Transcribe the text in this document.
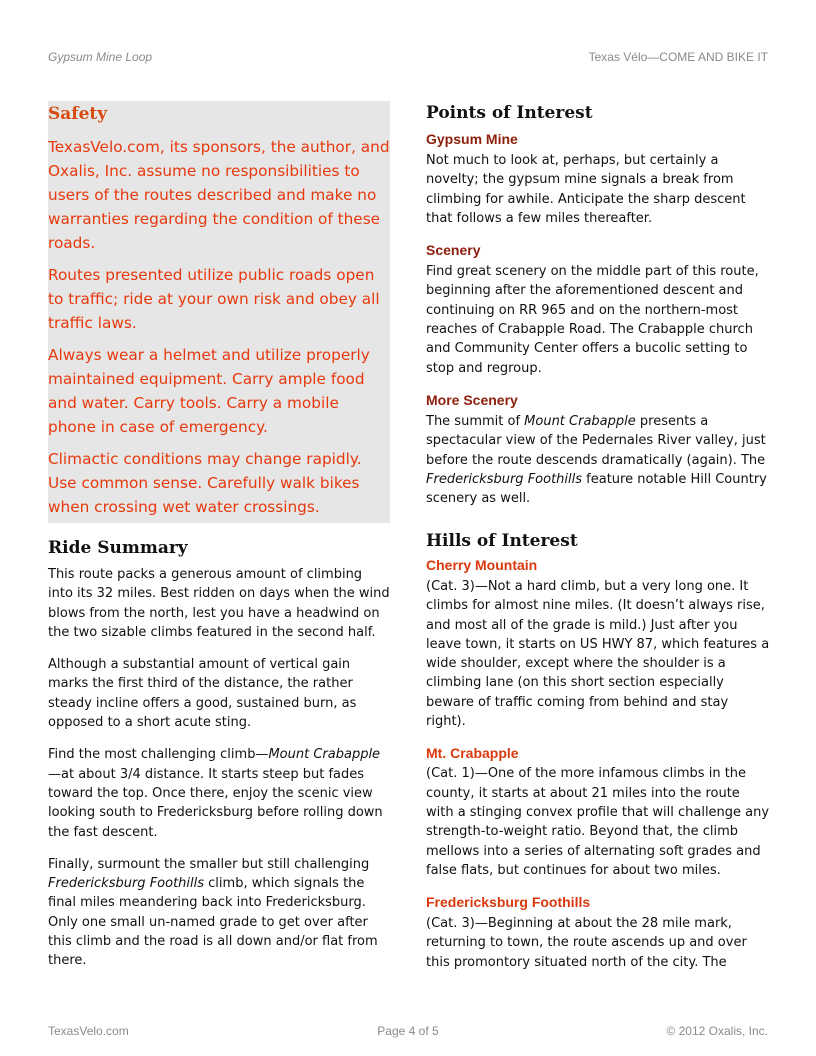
Gypsum Mine Loop	Texas Vélo—COME AND BIKE IT
Safety

TexasVelo.com, its sponsors, the author, and Oxalis, Inc. assume no responsibilities to users of the routes described and make no warranties regarding the condition of these roads.

Routes presented utilize public roads open to traffic; ride at your own risk and obey all traffic laws.

Always wear a helmet and utilize properly maintained equipment. Carry ample food and water. Carry tools. Carry a mobile phone in case of emergency.

Climactic conditions may change rapidly. Use common sense. Carefully walk bikes when crossing wet water crossings.

Ride Summary

This route packs a generous amount of climbing into its 32 miles. Best ridden on days when the wind blows from the north, lest you have a headwind on the two sizable climbs featured in the second half.

Although a substantial amount of vertical gain marks the first third of the distance, the rather steady incline offers a good, sustained burn, as opposed to a short acute sting.

Find the most challenging climb—Mount Crabapple—at about 3/4 distance. It starts steep but fades toward the top. Once there, enjoy the scenic view looking south to Fredericksburg before rolling down the fast descent.

Finally, surmount the smaller but still challenging Fredericksburg Foothills climb, which signals the final miles meandering back into Fredericksburg. Only one small un-named grade to get over after this climb and the road is all down and/or flat from there.

Points of Interest
Gypsum Mine

Not much to look at, perhaps, but certainly a novelty; the gypsum mine signals a break from climbing for awhile. Anticipate the sharp descent that follows a few miles thereafter.

Scenery

Find great scenery on the middle part of this route, beginning after the aforementioned descent and continuing on RR 965 and on the northern-most reaches of Crabapple Road. The Crabapple church and Community Center offers a bucolic setting to stop and regroup.

More Scenery

The summit of Mount Crabapple presents a spectacular view of the Pedernales River valley, just before the route descends dramatically (again). The Fredericksburg Foothills feature notable Hill Country scenery as well.

Hills of Interest
Cherry Mountain

(Cat. 3)—Not a hard climb, but a very long one. It climbs for almost nine miles. (It doesn’t always rise, and most all of the grade is mild.) Just after you leave town, it starts on US HWY 87, which features a wide shoulder, except where the shoulder is a climbing lane (on this short section especially beware of traffic coming from behind and stay right).

Mt. Crabapple

(Cat. 1)—One of the more infamous climbs in the county, it starts at about 21 miles into the route with a stinging convex profile that will challenge any strength-to-weight ratio. Beyond that, the climb mellows into a series of alternating soft grades and false flats, but continues for about two miles.

Fredericksburg Foothills

(Cat. 3)—Beginning at about the 28 mile mark, returning to town, the route ascends up and over this promontory situated north of the city. The

TexasVelo.com	Page 4 of 5	© 2012 Oxalis, Inc.
